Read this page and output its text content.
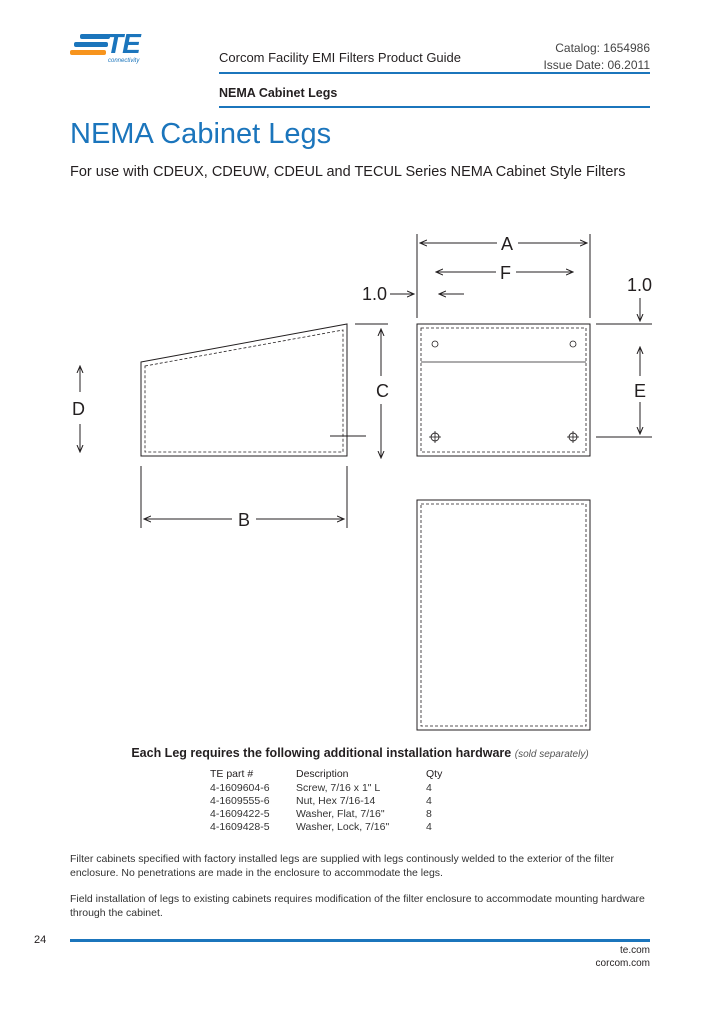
TE
connectivity	Corcom Facility EMI Filters Product Guide
Catalog: 1654986
Issue Date: 06.2011
NEMA Cabinet Legs
NEMA Cabinet Legs
For use with CDEUX, CDEUW, CDEUL and TECUL Series NEMA Cabinet Style Filters
D
C
B
A
F
1.0	1.0
E
Each Leg requires the following additional installation hardware (sold separately)
TE part #	Description	Qty
4-1609604-6	Screw, 7/16 x 1" L	4
4-1609555-6	Nut, Hex 7/16-14	4
4-1609422-5	Washer, Flat, 7/16"	8
4-1609428-5	Washer, Lock, 7/16"	4
Filter cabinets specified with factory installed legs are supplied with legs continously welded to the exterior of the filter enclosure. No penetrations are made in the enclosure to accommodate the legs.
Field installation of legs to existing cabinets requires modification of the filter enclosure to accommodate mounting hardware through the cabinet.
24
te.com
corcom.com
